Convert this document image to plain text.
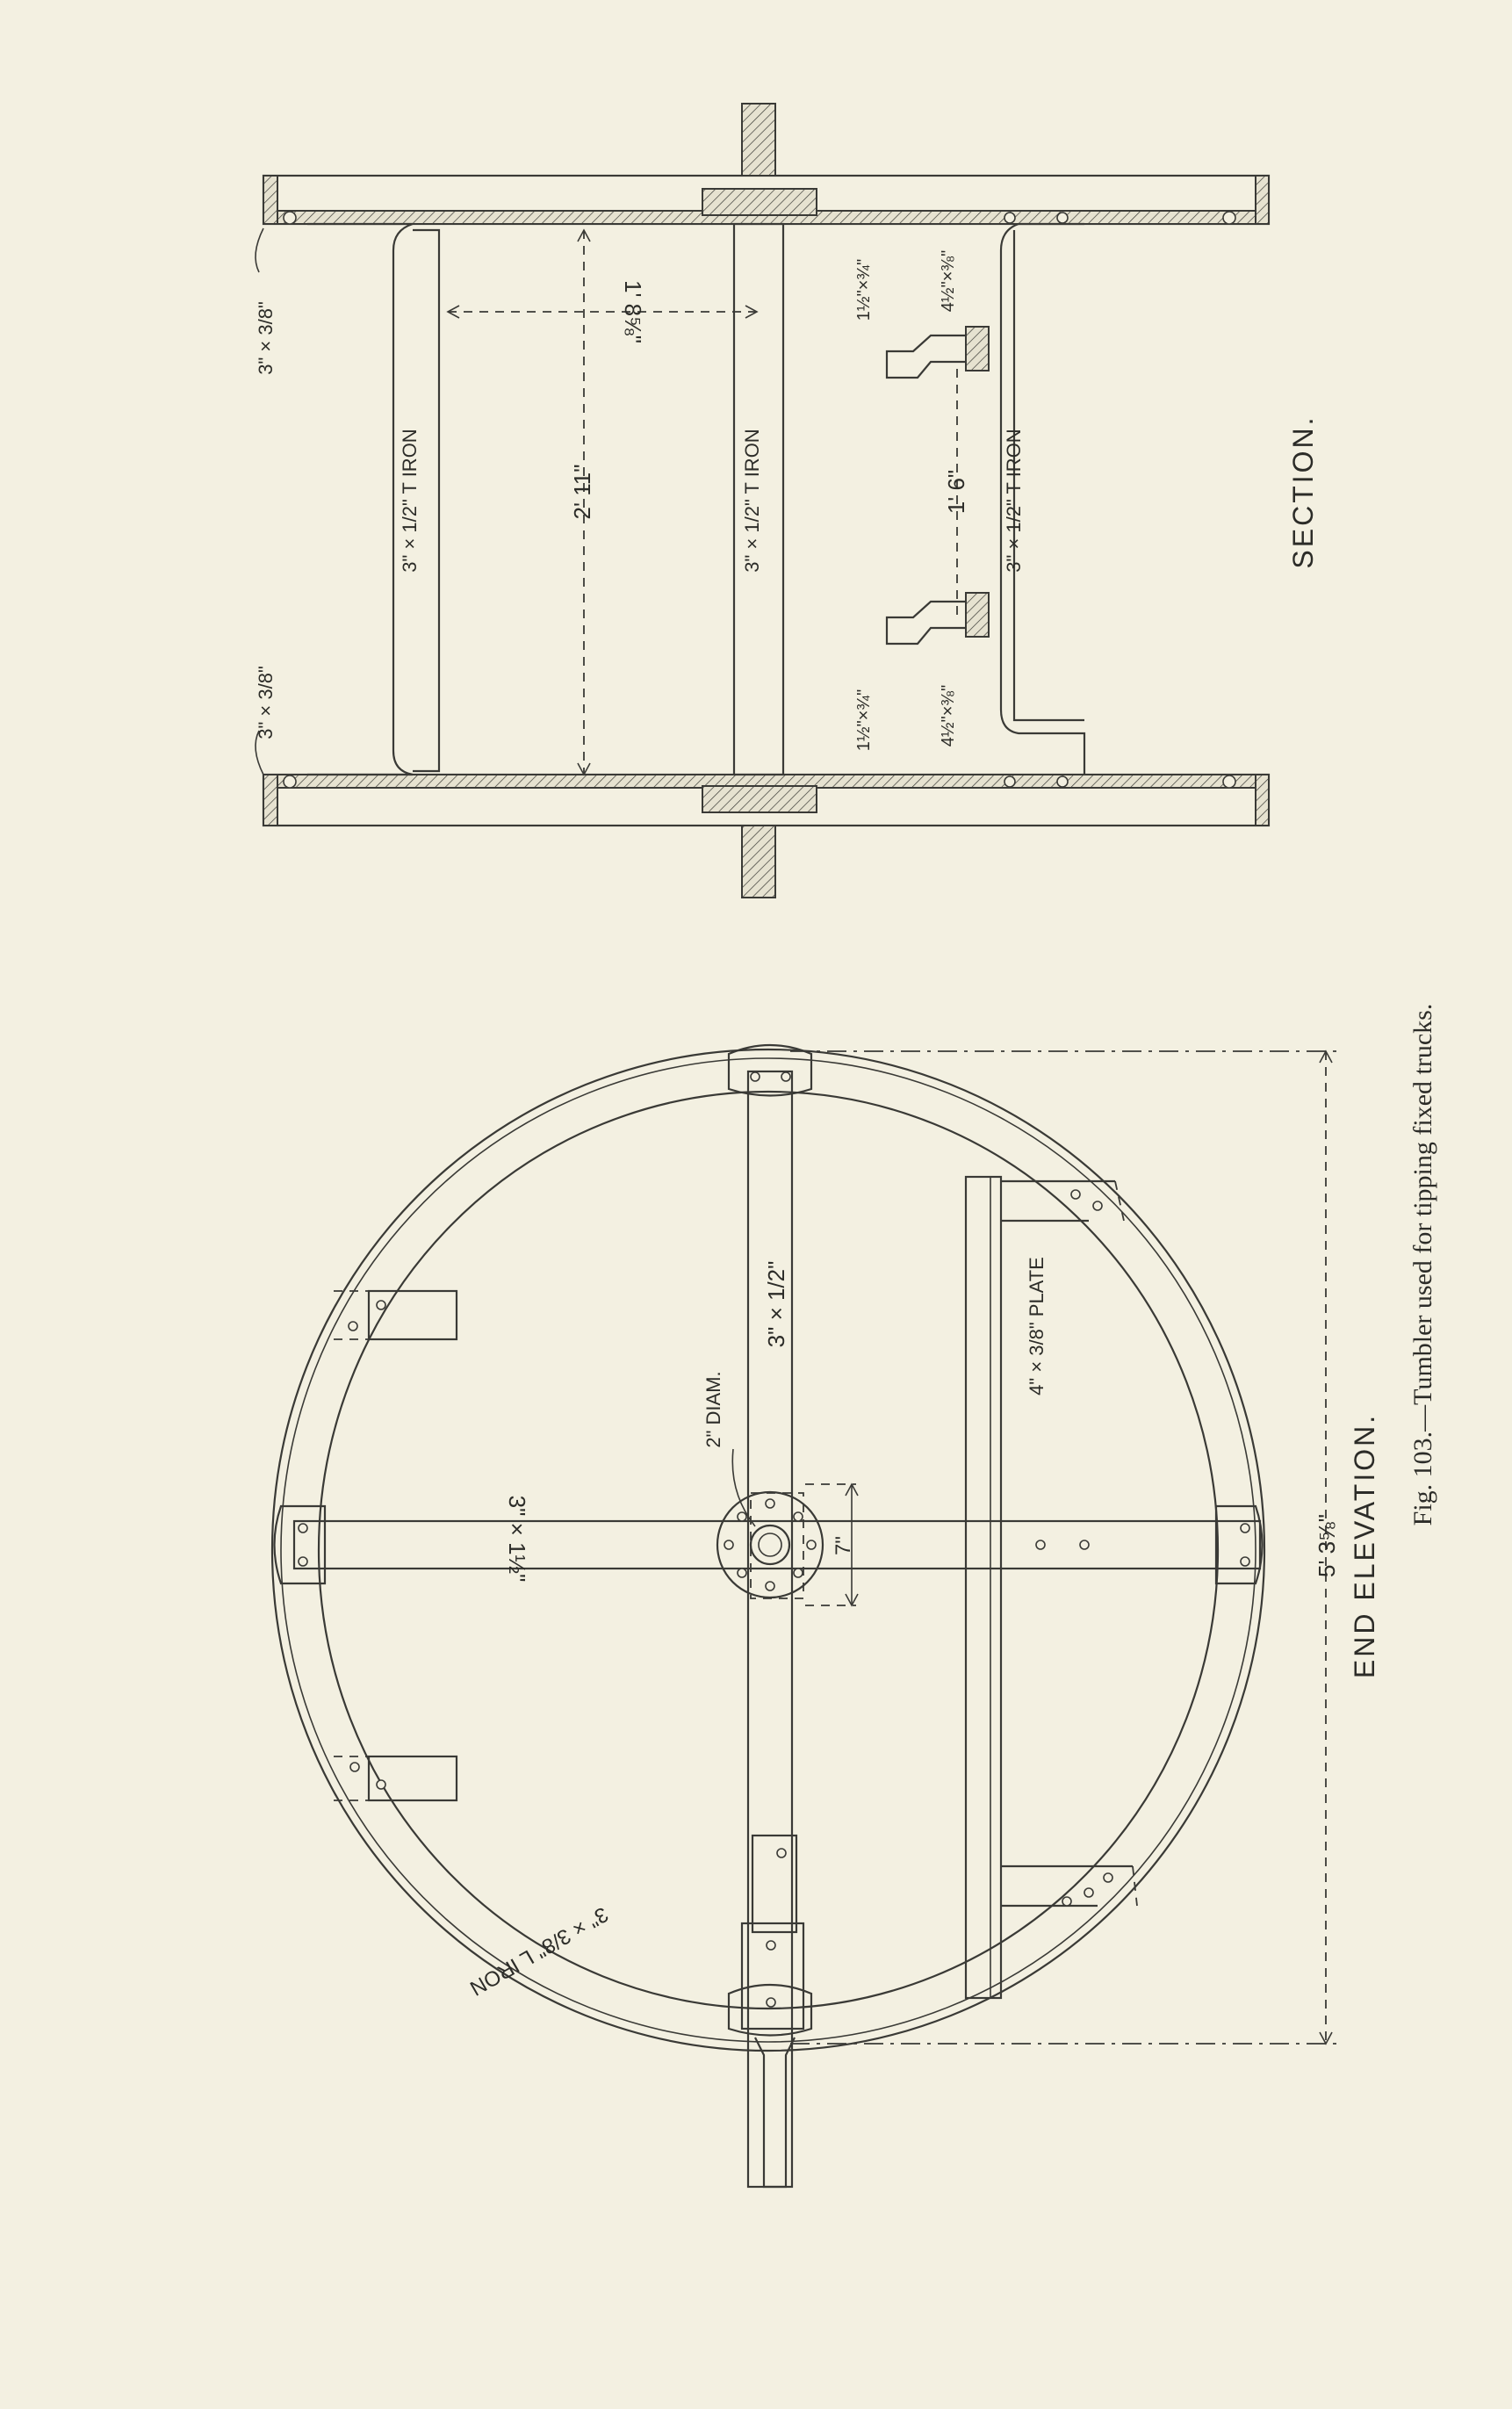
3" × 3/8"
3" × 3/8"
3" × 1/2" T IRON	3" × 1/2" T IRON	3" × 1/2" T IRON
2' 11"
1' 8⅝"
1' 6"
1½"×¾"	4½"×⅜"
1½"×¾"	4½"×⅜"
SECTION.
3" × 3/8" L IRON
3" × 1½"
3" × 1/2"
2" DIAM.
7"
4" × 3/8" PLATE
5' 3⅝" END ELEVATION.
Fig. 103.—Tumbler used for tipping fixed trucks.
